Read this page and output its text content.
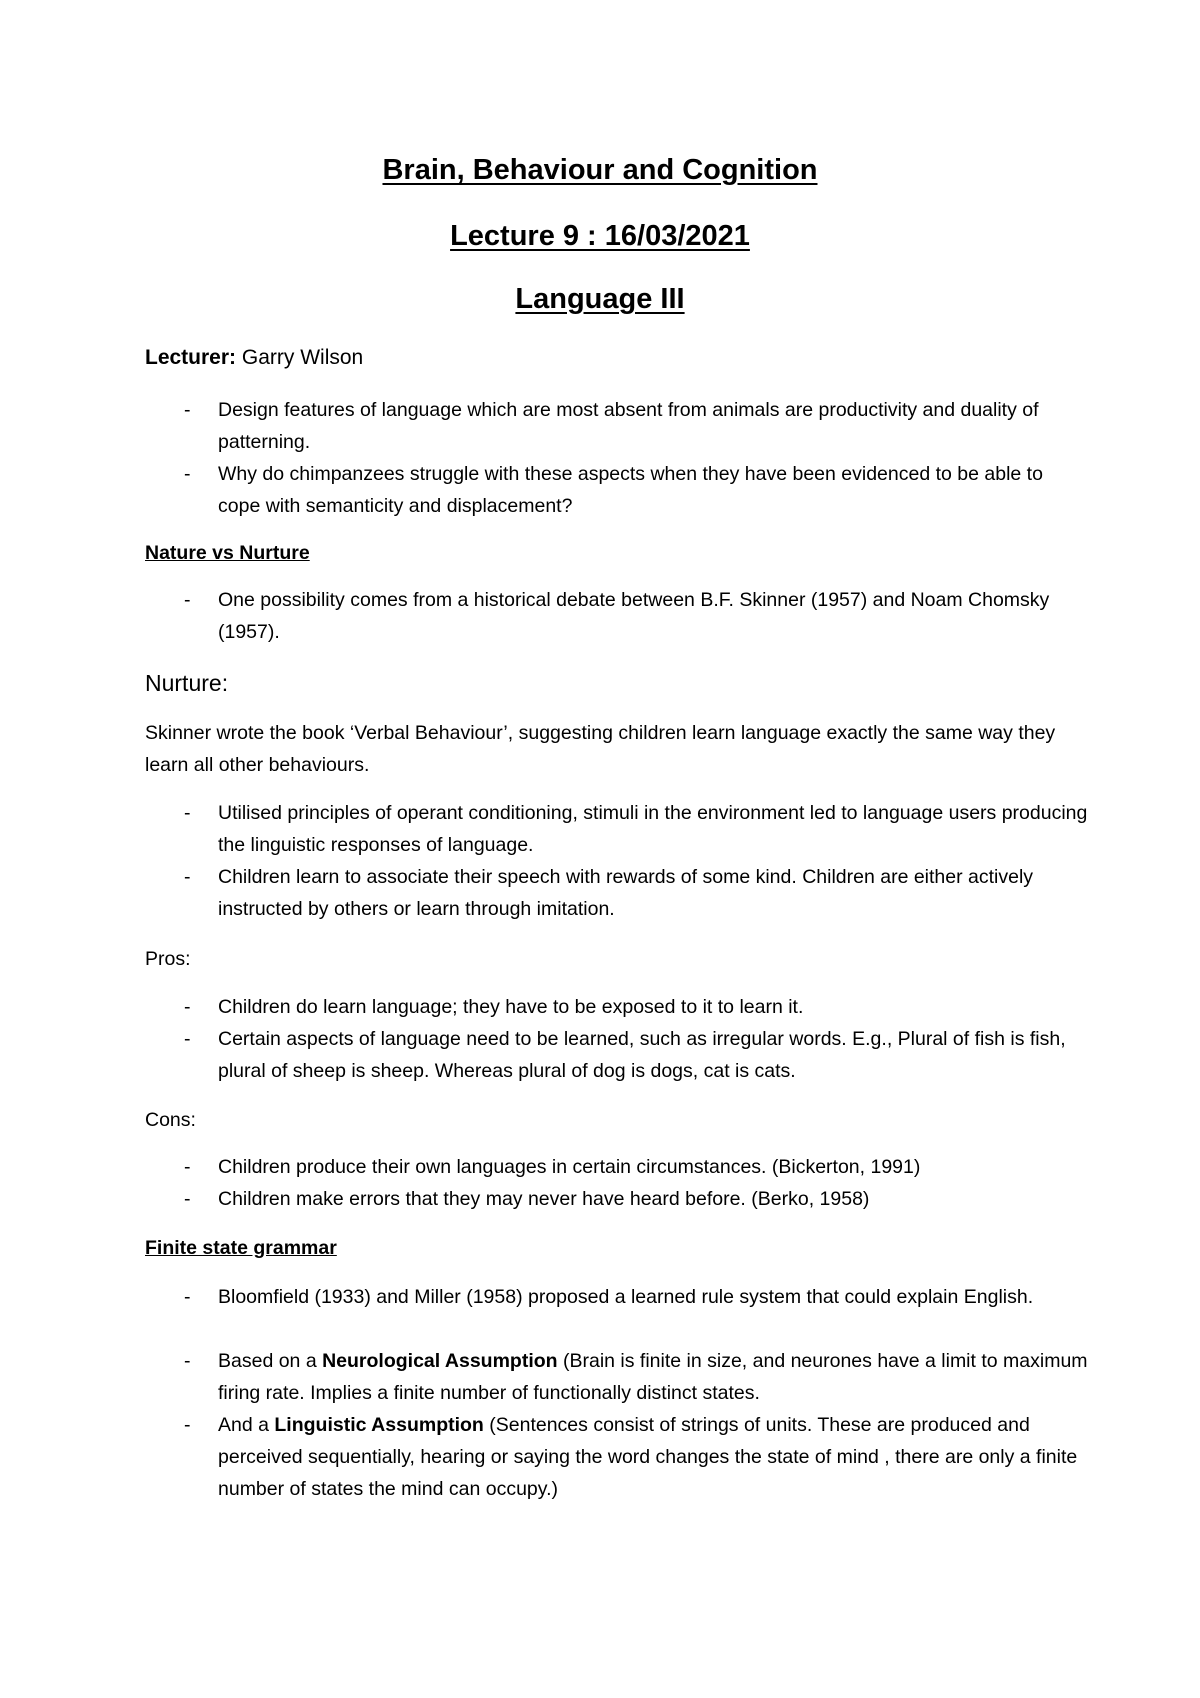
Brain, Behaviour and Cognition
Lecture 9 : 16/03/2021
Language III
Lecturer: Garry Wilson
- Design features of language which are most absent from animals are productivity and duality of patterning.
- Why do chimpanzees struggle with these aspects when they have been evidenced to be able to cope with semanticity and displacement?
Nature vs Nurture
- One possibility comes from a historical debate between B.F. Skinner (1957) and Noam Chomsky (1957).
Nurture:
Skinner wrote the book ‘Verbal Behaviour’, suggesting children learn language exactly the same way they learn all other behaviours.
- Utilised principles of operant conditioning, stimuli in the environment led to language users producing the linguistic responses of language.
- Children learn to associate their speech with rewards of some kind. Children are either actively instructed by others or learn through imitation.
Pros:
- Children do learn language; they have to be exposed to it to learn it.
- Certain aspects of language need to be learned, such as irregular words. E.g., Plural of fish is fish, plural of sheep is sheep. Whereas plural of dog is dogs, cat is cats.
Cons:
- Children produce their own languages in certain circumstances. (Bickerton, 1991)
- Children make errors that they may never have heard before. (Berko, 1958)
Finite state grammar
- Bloomfield (1933) and Miller (1958) proposed a learned rule system that could explain English.
- Based on a Neurological Assumption (Brain is finite in size, and neurones have a limit to maximum firing rate. Implies a finite number of functionally distinct states.
- And a Linguistic Assumption (Sentences consist of strings of units. These are produced and perceived sequentially, hearing or saying the word changes the state of mind , there are only a finite number of states the mind can occupy.)
